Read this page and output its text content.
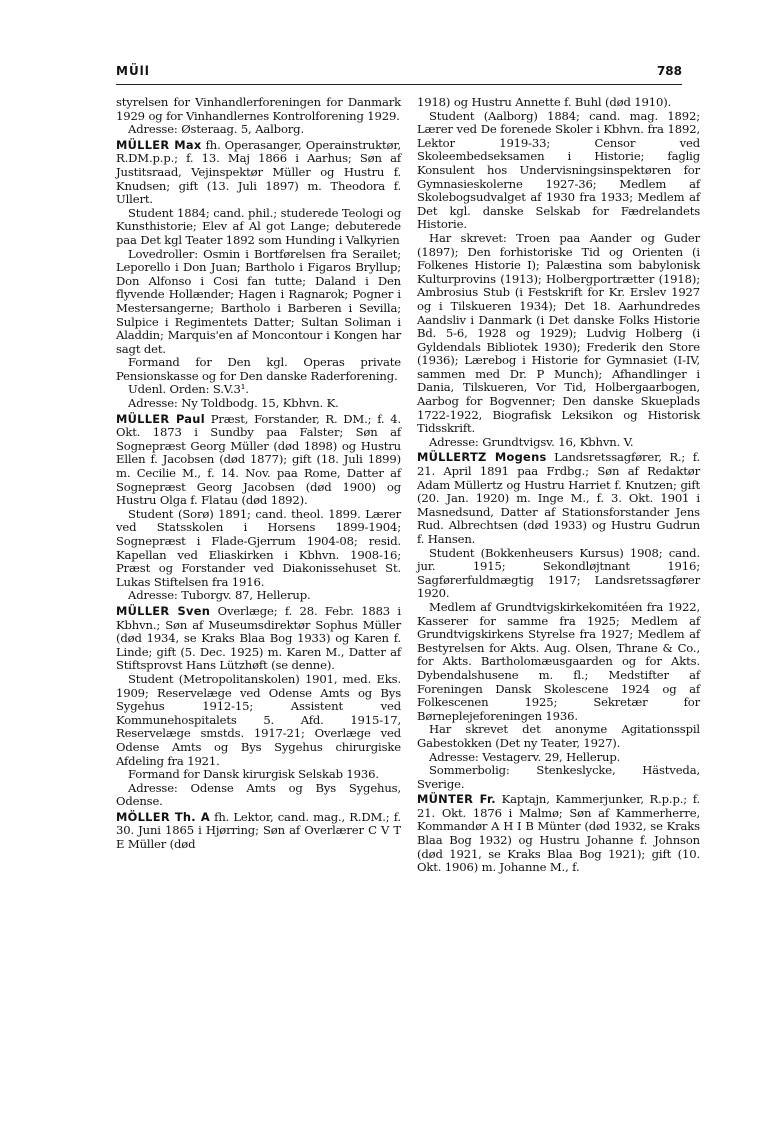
MÜll	788

styrelsen for Vinhandlerforeningen for Danmark 1929 og for Vinhandlernes Kontrolforening 1929.

Adresse: Østeraag. 5, Aalborg.

MÜLLER Max fh. Operasanger, Operainstruktør, R.DM.p.p.; f. 13. Maj 1866 i Aarhus; Søn af Justitsraad, Vejinspektør Müller og Hustru f. Knudsen; gift (13. Juli 1897) m. Theodora f. Ullert.

Student 1884; cand. phil.; studerede Teologi og Kunsthistorie; Elev af Al got Lange; debuterede paa Det kgl Teater 1892 som Hunding i Valkyrien

Lovedroller: Osmin i Bortførelsen fra Serailet; Leporello i Don Juan; Bartholo i Figaros Bryllup; Don Alfonso i Cosi fan tutte; Daland i Den flyvende Hollænder; Hagen i Ragnarok; Pogner i Mestersangerne; Bartholo i Barberen i Sevilla; Sulpice i Regimentets Datter; Sultan Soliman i Aladdin; Marquis'en af Moncontour i Kongen har sagt det.

Formand for Den kgl. Operas private Pensionskasse og for Den danske Raderforening.

Udenl. Orden: S.V.3¹.

Adresse: Ny Toldbodg. 15, Kbhvn. K.

MÜLLER Paul Præst, Forstander, R. DM.; f. 4. Okt. 1873 i Sundby paa Falster; Søn af Sognepræst Georg Müller (død 1898) og Hustru Ellen f. Jacobsen (død 1877); gift (18. Juli 1899) m. Cecilie M., f. 14. Nov. paa Rome, Datter af Sognepræst Georg Jacobsen (død 1900) og Hustru Olga f. Flatau (død 1892).

Student (Sorø) 1891; cand. theol. 1899. Lærer ved Statsskolen i Horsens 1899-1904; Sognepræst i Flade-Gjerrum 1904-08; resid. Kapellan ved Eliaskirken i Kbhvn. 1908-16; Præst og Forstander ved Diakonissehuset St. Lukas Stiftelsen fra 1916.

Adresse: Tuborgv. 87, Hellerup.

MÜLLER Sven Overlæge; f. 28. Febr. 1883 i Kbhvn.; Søn af Museumsdirektør Sophus Müller (død 1934, se Kraks Blaa Bog 1933) og Karen f. Linde; gift (5. Dec. 1925) m. Karen M., Datter af Stiftsprovst Hans Lützhøft (se denne).

Student (Metropolitanskolen) 1901, med. Eks. 1909; Reservelæge ved Odense Amts og Bys Sygehus 1912-15; Assistent ved Kommunehospitalets 5. Afd. 1915-17, Reservelæge smstds. 1917-21; Overlæge ved Odense Amts og Bys Sygehus chirurgiske Afdeling fra 1921.

Formand for Dansk kirurgisk Selskab 1936.

Adresse: Odense Amts og Bys Sygehus, Odense.

MÖLLER Th. A fh. Lektor, cand. mag., R.DM.; f. 30. Juni 1865 i Hjørring; Søn af Overlærer C V T E Müller (død

1918) og Hustru Annette f. Buhl (død 1910).

Student (Aalborg) 1884; cand. mag. 1892; Lærer ved De forenede Skoler i Kbhvn. fra 1892, Lektor 1919-33; Censor ved Skoleembedseksamen i Historie; faglig Konsulent hos Undervisningsinspektøren for Gymnasieskolerne 1927-36; Medlem af Skolebogsudvalget af 1930 fra 1933; Medlem af Det kgl. danske Selskab for Fædrelandets Historie.

Har skrevet: Troen paa Aander og Guder (1897); Den forhistoriske Tid og Orienten (i Folkenes Historie I); Palæstina som babylonisk Kulturprovins (1913); Holbergportrætter (1918); Ambrosius Stub (i Festskrift for Kr. Erslev 1927 og i Tilskueren 1934); Det 18. Aarhundredes Aandsliv i Danmark (i Det danske Folks Historie Bd. 5-6, 1928 og 1929); Ludvig Holberg (i Gyldendals Bibliotek 1930); Frederik den Store (1936); Lærebog i Historie for Gymnasiet (I-IV, sammen med Dr. P Munch); Afhandlinger i Dania, Tilskueren, Vor Tid, Holbergaarbogen, Aarbog for Bogvenner; Den danske Skueplads 1722-1922, Biografisk Leksikon og Historisk Tidsskrift.

Adresse: Grundtvigsv. 16, Kbhvn. V.

MÜLLERTZ Mogens Landsretssagfører, R.; f. 21. April 1891 paa Frdbg.; Søn af Redaktør Adam Müllertz og Hustru Harriet f. Knutzen; gift (20. Jan. 1920) m. Inge M., f. 3. Okt. 1901 i Masnedsund, Datter af Stationsforstander Jens Rud. Albrechtsen (død 1933) og Hustru Gudrun f. Hansen.

Student (Bokkenheusers Kursus) 1908; cand. jur. 1915; Sekondløjtnant 1916; Sagførerfuldmægtig 1917; Landsretssagfører 1920.

Medlem af Grundtvigskirkekomitéen fra 1922, Kasserer for samme fra 1925; Medlem af Grundtvigskirkens Styrelse fra 1927; Medlem af Bestyrelsen for Akts. Aug. Olsen, Thrane & Co., for Akts. Bartholomæusgaarden og for Akts. Dybendalshusene m. fl.; Medstifter af Foreningen Dansk Skolescene 1924 og af Folkescenen 1925; Sekretær for Børneplejeforeningen 1936.

Har skrevet det anonyme Agitationsspil Gabestokken (Det ny Teater, 1927).

Adresse: Vestagerv. 29, Hellerup.

Sommerbolig: Stenkeslycke, Hästveda, Sverige.

MÜNTER Fr. Kaptajn, Kammerjunker, R.p.p.; f. 21. Okt. 1876 i Malmø; Søn af Kammerherre, Kommandør A H I B Münter (død 1932, se Kraks Blaa Bog 1932) og Hustru Johanne f. Johnson (død 1921, se Kraks Blaa Bog 1921); gift (10. Okt. 1906) m. Johanne M., f.
